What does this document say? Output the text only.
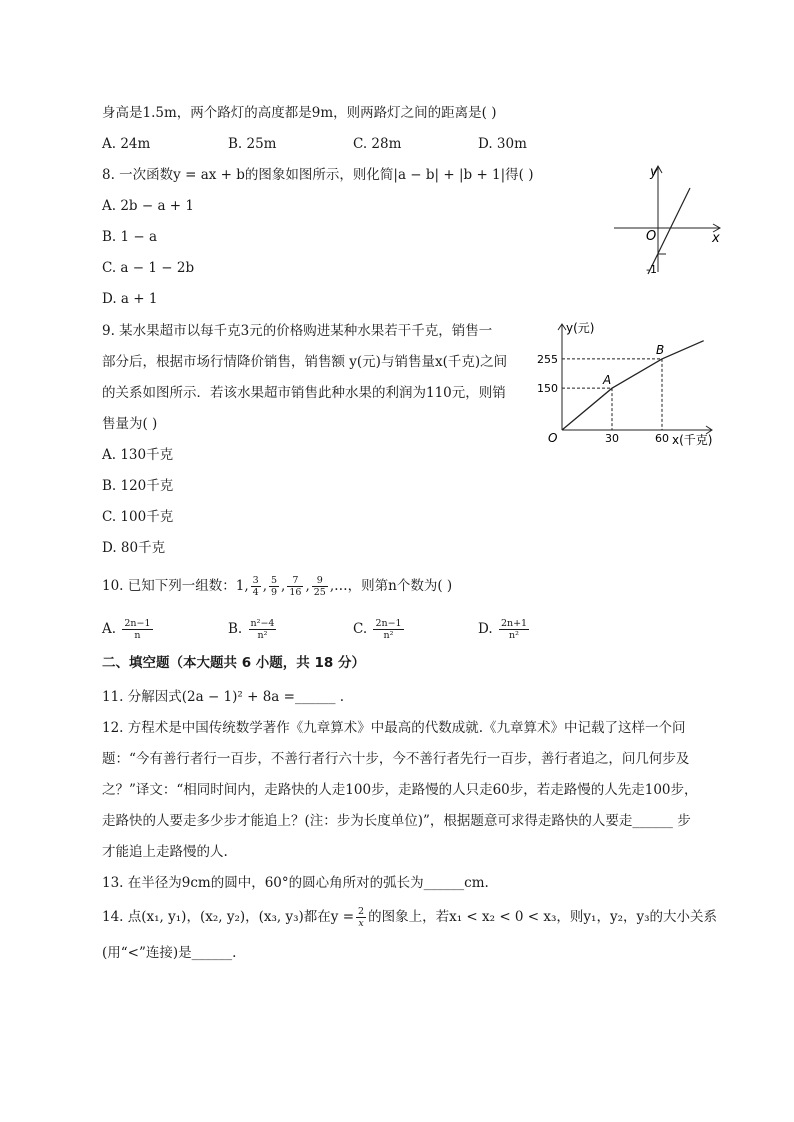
身高是1.5m，两个路灯的高度都是9m，则两路灯之间的距离是( )
A. 24m	B. 25m	C. 28m	D. 30m
8. 一次函数y = ax + b的图象如图所示，则化简|a − b| + |b + 1|得( )
A. 2b − a + 1
B. 1 − a
C. a − 1 − 2b
D. a + 1
y
x
O
-1
9. 某水果超市以每千克3元的价格购进某种水果若干千克，销售一
部分后，根据市场行情降价销售，销售额 y(元)与销售量x(千克)之间
的关系如图所示．若该水果超市销售此种水果的利润为110元，则销
售量为( )
A. 130千克
B. 120千克
C. 100千克
D. 80千克
y(元)
x(千克)
O	30	60
150
255
A
B
10. 已知下列一组数：1, $\frac{3}{4}$ , $\frac{5}{9}$ , $\frac{7}{16}$ , $\frac{9}{25}$ ,…，则第n个数为( )
A. $\frac{2n-1}{n}$	B. $\frac{\text{n²−4}}{\text{n²}}$	C. $\frac{2n-1}{\text{n²}}$	D. $\frac{2n+1}{\text{n²}}$
二、填空题（本大题共 6 小题，共 18 分）
11. 分解因式(2a − 1)² + 8a =______ .
12. 方程术是中国传统数学著作《九章算术》中最高的代数成就.《九章算术》中记载了这样一个问
题：“今有善行者行一百步，不善行者行六十步，今不善行者先行一百步，善行者追之，问几何步及
之？”译文：“相同时间内，走路快的人走100步，走路慢的人只走60步，若走路慢的人先走100步，
走路快的人要走多少步才能追上？(注：步为长度单位)”，根据题意可求得走路快的人要走______ 步
才能追上走路慢的人.
13. 在半径为9cm的圆中，60°的圆心角所对的弧长为______cm.
14. 点(x₁, y₁)，(x₂, y₂)，(x₃, y₃)都在$y = \frac{2}{x}$ 的图象上，若x₁ < x₂ < 0 < x₃，则y₁，y₂，y₃的大小关系
(用“<”连接)是______.
